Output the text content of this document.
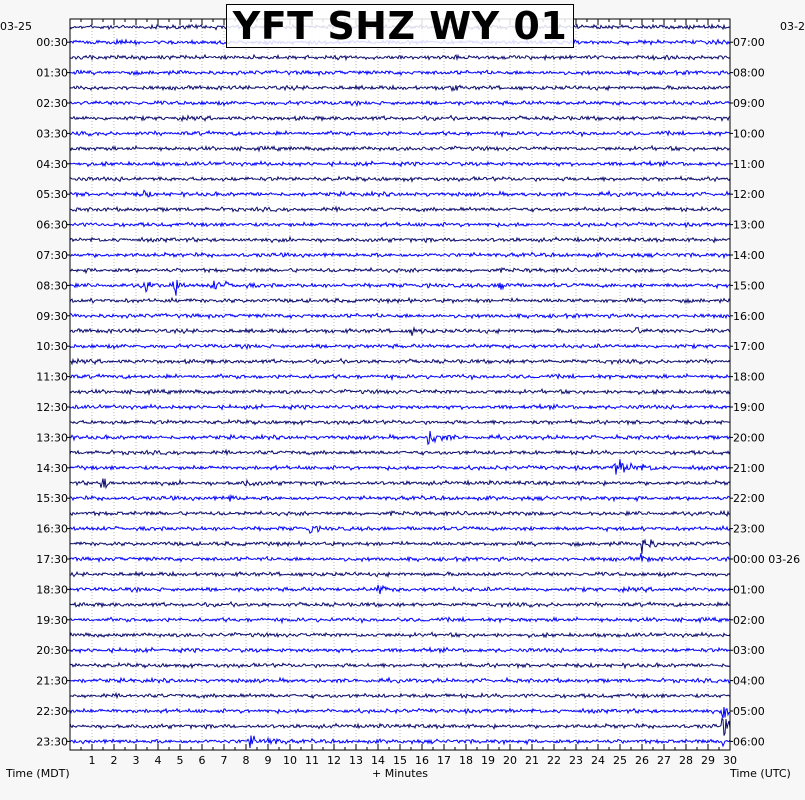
00:30
01:30
02:30
03:30
04:30
05:30
06:30
07:30
08:30
09:30
10:30
11:30
12:30
13:30
14:30
15:30
16:30
17:30
18:30
19:30
20:30
21:30
22:30
23:30
07:00
08:00
09:00
10:00
11:00
12:00
13:00
14:00
15:00
16:00
17:00
18:00
19:00
20:00
21:00
22:00
23:00
00:00 03-26
01:00
02:00
03:00
04:00
05:00
06:00
1 2 3 4 5 6 7 8 9 10 11 12 13 14 15 16 17 18 19 20 21 22 23 24 25 26 27 28 29 30
YFT SHZ WY 01
03-25	03-2
Time (MDT)	+ Minutes	Time (UTC)
